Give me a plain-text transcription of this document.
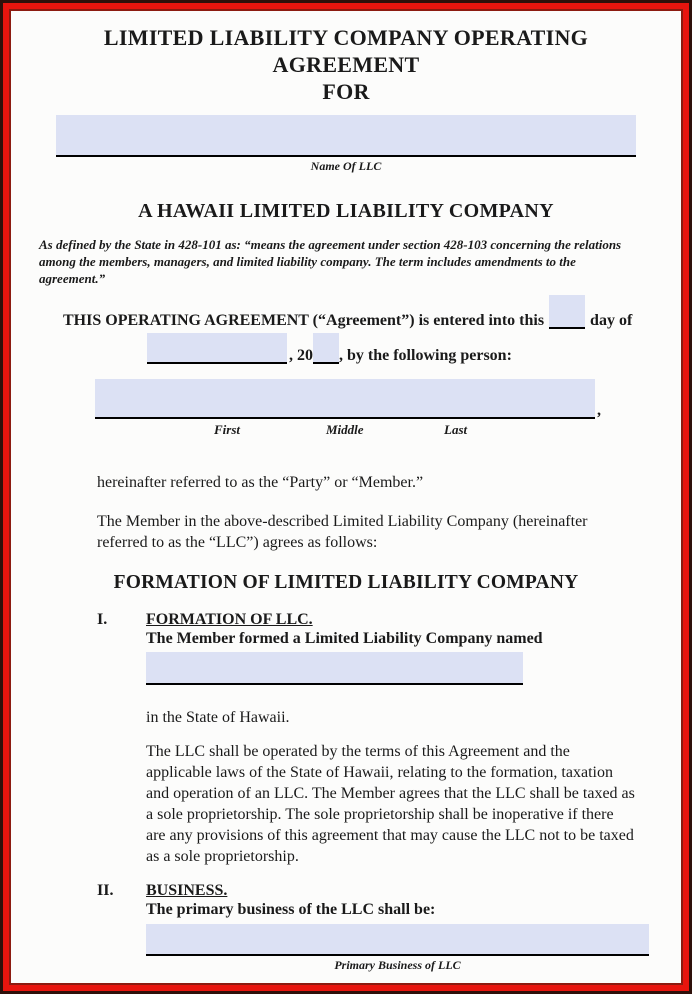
LIMITED LIABILITY COMPANY OPERATING AGREEMENT
FOR
Name Of LLC
A HAWAII LIMITED LIABILITY COMPANY

As defined by the State in 428-101 as: “means the agreement under section 428-103 concerning the relations among the members, managers, and limited liability company. The term includes amendments to the agreement.”

THIS OPERATING AGREEMENT (“Agreement”) is entered into this	day of

, 20 , by the following person:

,
First	Middle	Last

hereinafter referred to as the “Party” or “Member.”

The Member in the above-described Limited Liability Company (hereinafter referred to as the “LLC”) agrees as follows:

FORMATION OF LIMITED LIABILITY COMPANY
I.	FORMATION OF LLC.
The Member formed a Limited Liability Company named

in the State of Hawaii.

The LLC shall be operated by the terms of this Agreement and the applicable laws of the State of Hawaii, relating to the formation, taxation and operation of an LLC. The Member agrees that the LLC shall be taxed as a sole proprietorship. The sole proprietorship shall be inoperative if there are any provisions of this agreement that may cause the LLC not to be taxed as a sole proprietorship.

II.	BUSINESS.
The primary business of the LLC shall be:
Primary Business of LLC
